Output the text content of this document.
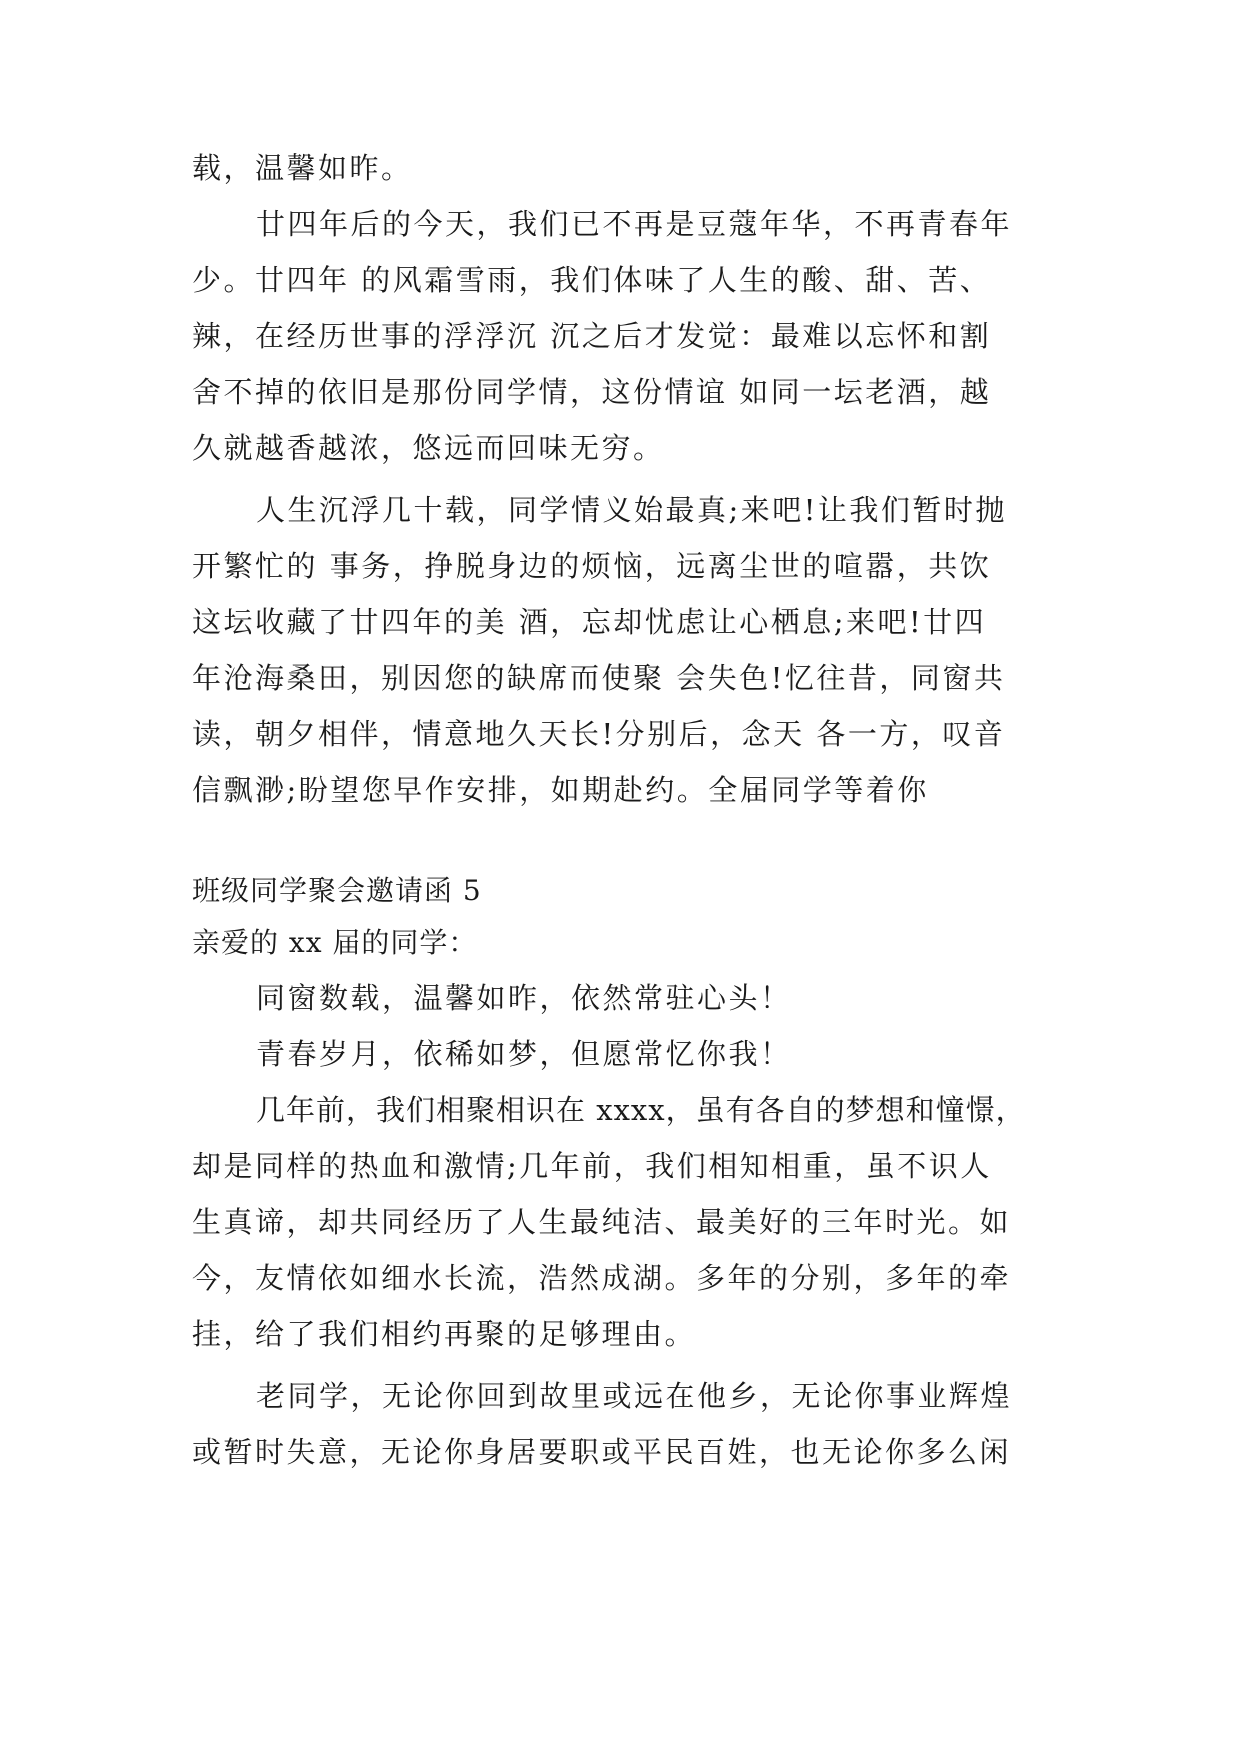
载，温馨如昨。
廿四年后的今天，我们已不再是豆蔻年华，不再青春年
少。廿四年 的风霜雪雨，我们体味了人生的酸、甜、苦、
辣，在经历世事的浮浮沉 沉之后才发觉：最难以忘怀和割
舍不掉的依旧是那份同学情，这份情谊 如同一坛老酒，越
久就越香越浓，悠远而回味无穷。
人生沉浮几十载，同学情义始最真;来吧!让我们暂时抛
开繁忙的 事务，挣脱身边的烦恼，远离尘世的喧嚣，共饮
这坛收藏了廿四年的美 酒，忘却忧虑让心栖息;来吧!廿四
年沧海桑田，别因您的缺席而使聚 会失色!忆往昔，同窗共
读，朝夕相伴，情意地久天长!分别后，念天 各一方，叹音
信飘渺;盼望您早作安排，如期赴约。全届同学等着你
班级同学聚会邀请函 5
亲爱的 xx 届的同学：
同窗数载，温馨如昨，依然常驻心头！
青春岁月，依稀如梦，但愿常忆你我！
几年前，我们相聚相识在 xxxx，虽有各自的梦想和憧憬，
却是同样的热血和激情;几年前，我们相知相重，虽不识人
生真谛，却共同经历了人生最纯洁、最美好的三年时光。如
今，友情依如细水长流，浩然成湖。多年的分别，多年的牵
挂，给了我们相约再聚的足够理由。
老同学，无论你回到故里或远在他乡，无论你事业辉煌
或暂时失意，无论你身居要职或平民百姓，也无论你多么闲
